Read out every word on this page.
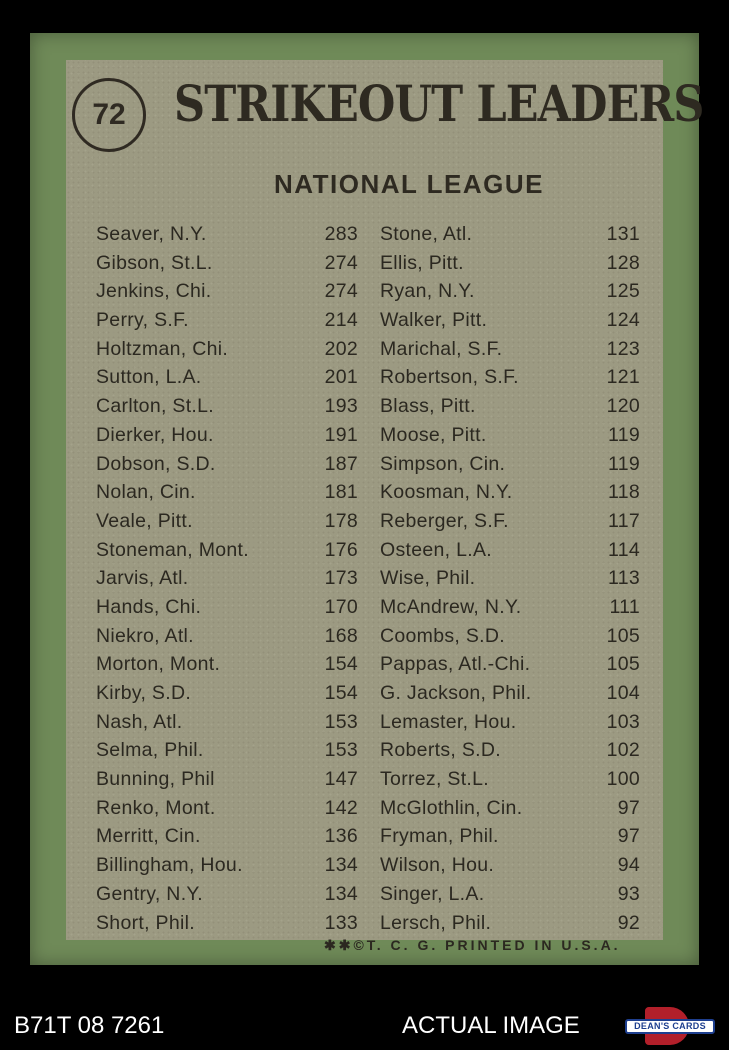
72 STRIKEOUT LEADERS
NATIONAL LEAGUE
Seaver, N.Y.	283
Gibson, St.L.	274
Jenkins, Chi.	274
Perry, S.F.	214
Holtzman, Chi.	202
Sutton, L.A.	201
Carlton, St.L.	193
Dierker, Hou.	191
Dobson, S.D.	187
Nolan, Cin.	181
Veale, Pitt.	178
Stoneman, Mont.	176
Jarvis, Atl.	173
Hands, Chi.	170
Niekro, Atl.	168
Morton, Mont.	154
Kirby, S.D.	154
Nash, Atl.	153
Selma, Phil.	153
Bunning, Phil	147
Renko, Mont.	142
Merritt, Cin.	136
Billingham, Hou.	134
Gentry, N.Y.	134
Short, Phil.	133
Stone, Atl.	131
Ellis, Pitt.	128
Ryan, N.Y.	125
Walker, Pitt.	124
Marichal, S.F.	123
Robertson, S.F.	121
Blass, Pitt.	120
Moose, Pitt.	119
Simpson, Cin.	119
Koosman, N.Y.	118
Reberger, S.F.	117
Osteen, L.A.	114
Wise, Phil.	113
McAndrew, N.Y.	111
Coombs, S.D.	105
Pappas, Atl.-Chi.	105
G. Jackson, Phil.	104
Lemaster, Hou.	103
Roberts, S.D.	102
Torrez, St.L.	100
McGlothlin, Cin.	97
Fryman, Phil.	97
Wilson, Hou.	94
Singer, L.A.	93
Lersch, Phil.	92
✱✱©T. C. G. PRINTED IN U.S.A.
B71T 08 7261	ACTUAL IMAGE	DEAN'S CARDS
